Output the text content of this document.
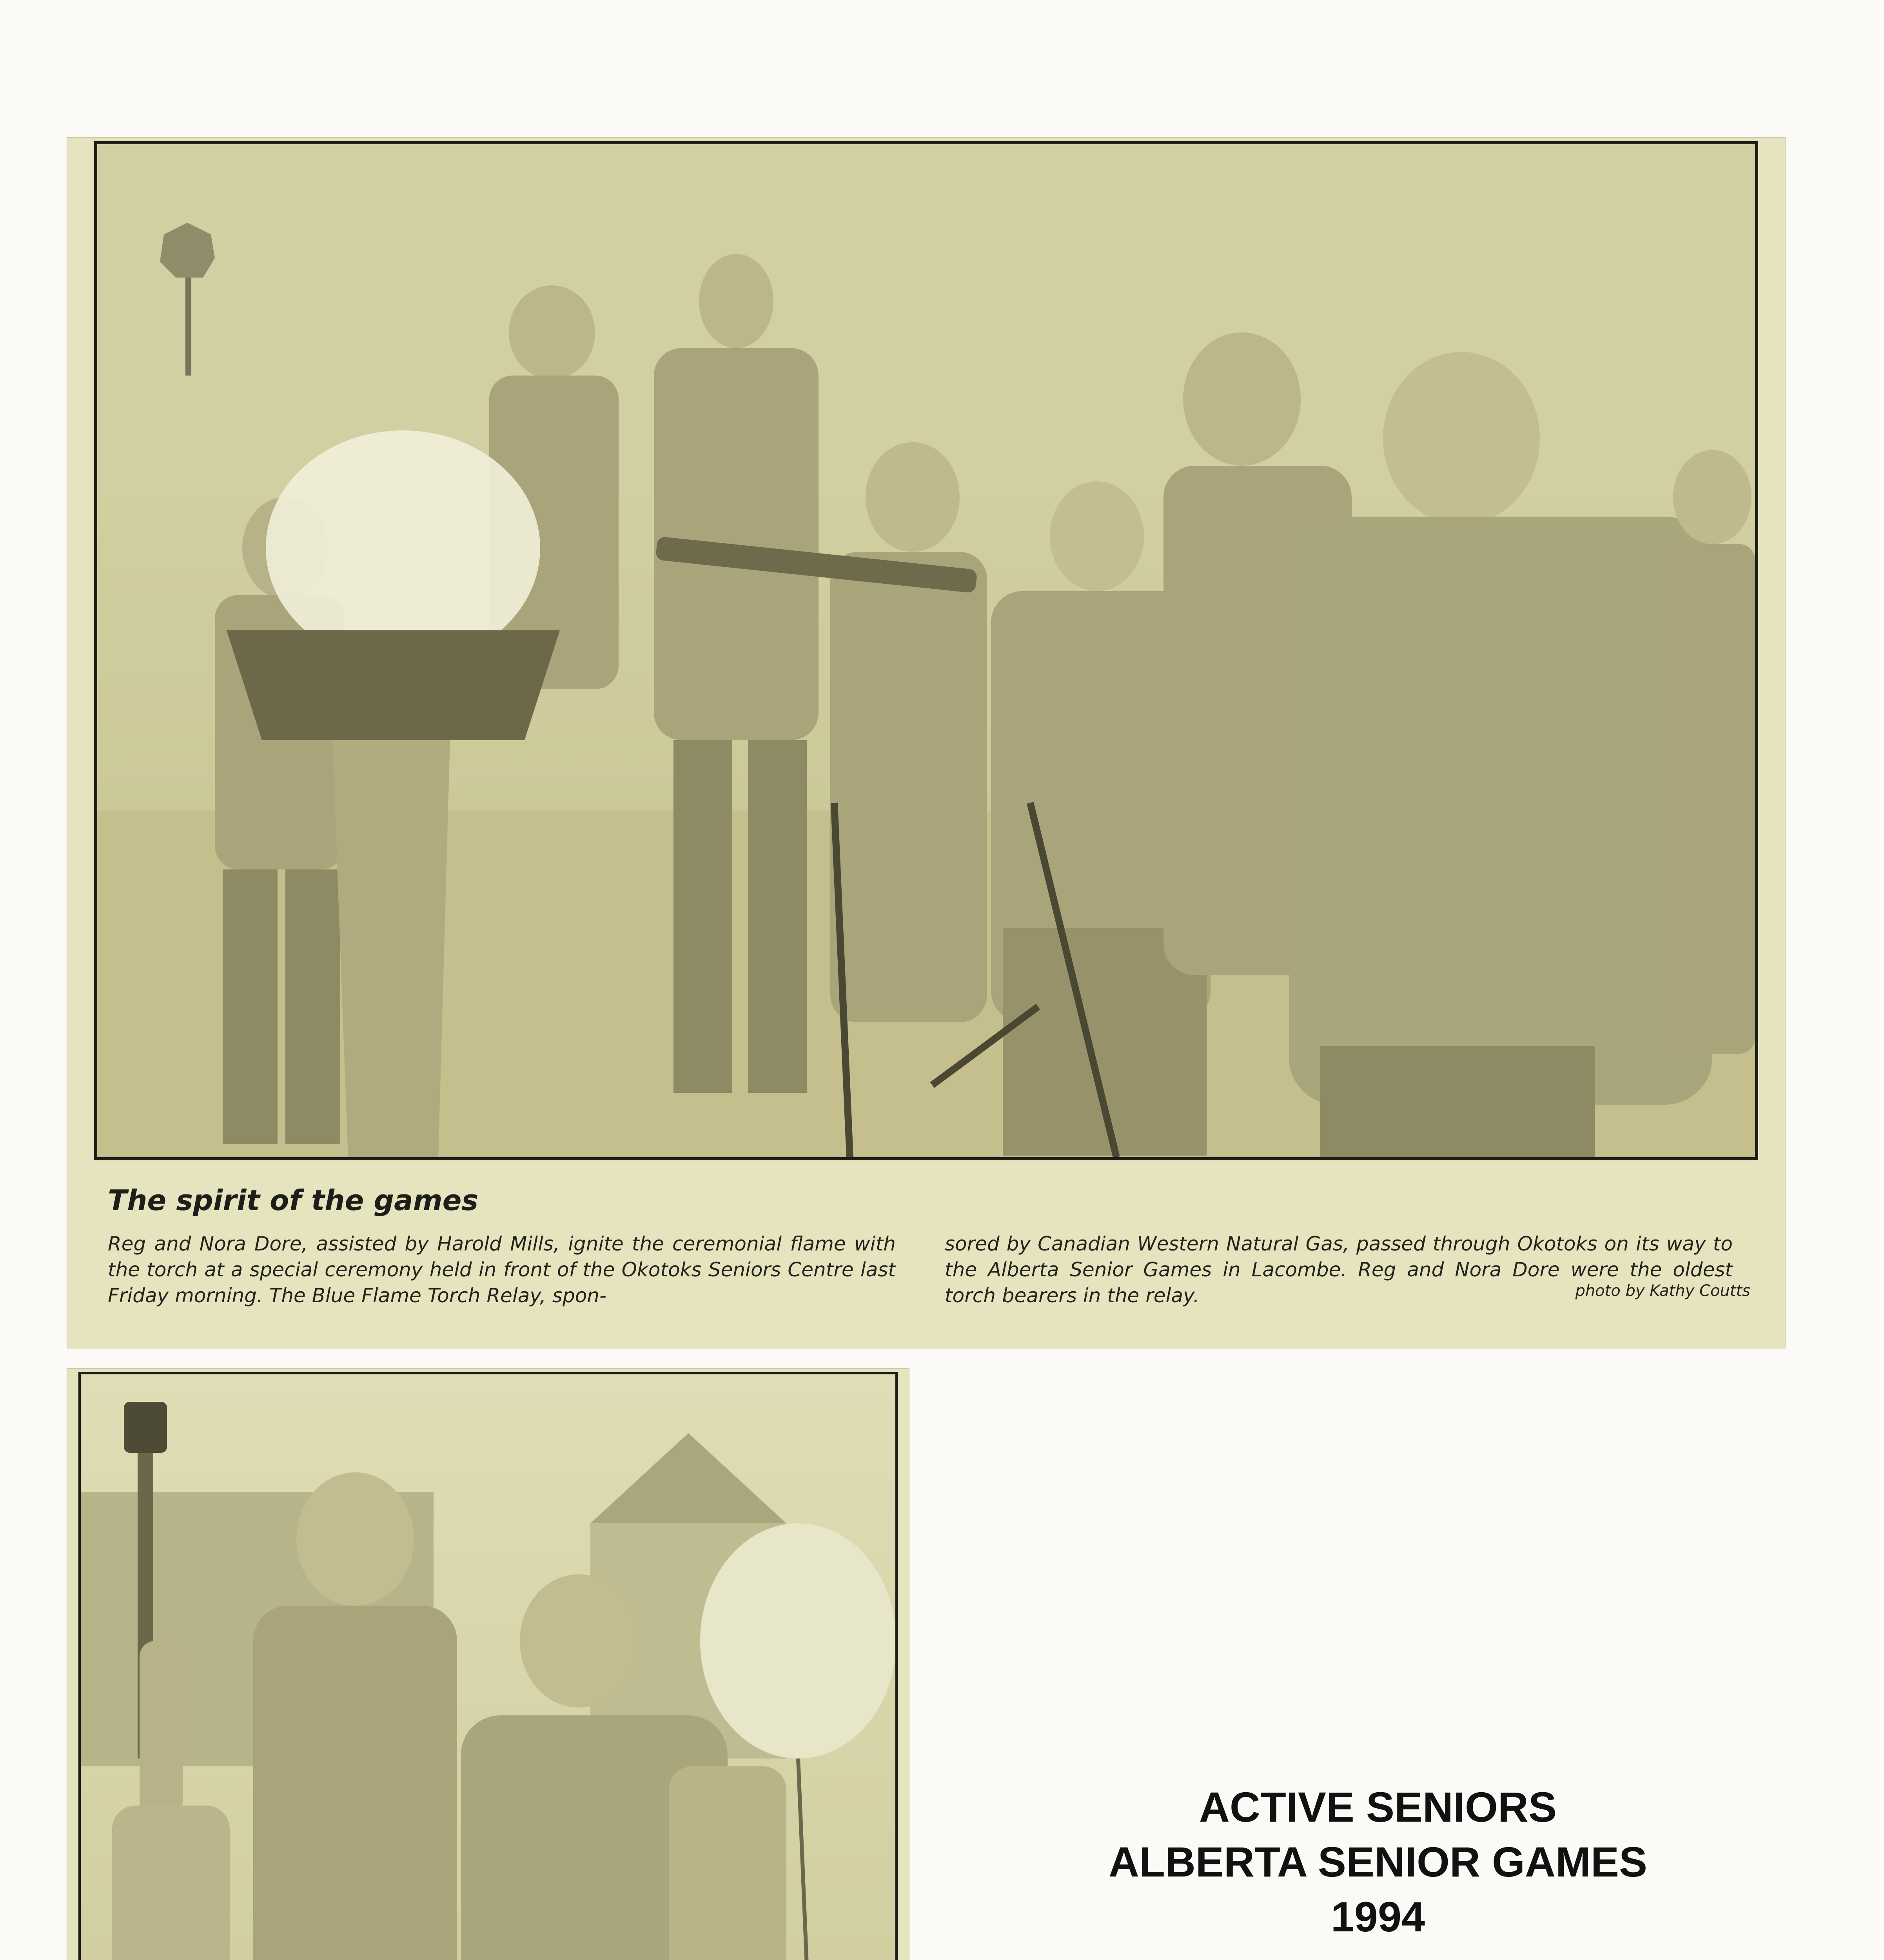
The spirit of the games
Reg and Nora Dore, assisted by Harold Mills, ignite the ceremonial flame with the torch at a special ceremony held in front of the Okotoks Seniors Centre last Friday morning. The Blue Flame Torch Relay, spon-
sored by Canadian Western Natural Gas, passed through Okotoks on its way to the Alberta Senior Games in Lacombe. Reg and Nora Dore were the oldest torch bearers in the relay.	photo by Kathy Coutts
ACTIVE SENIORS
ALBERTA SENIOR GAMES
1994
